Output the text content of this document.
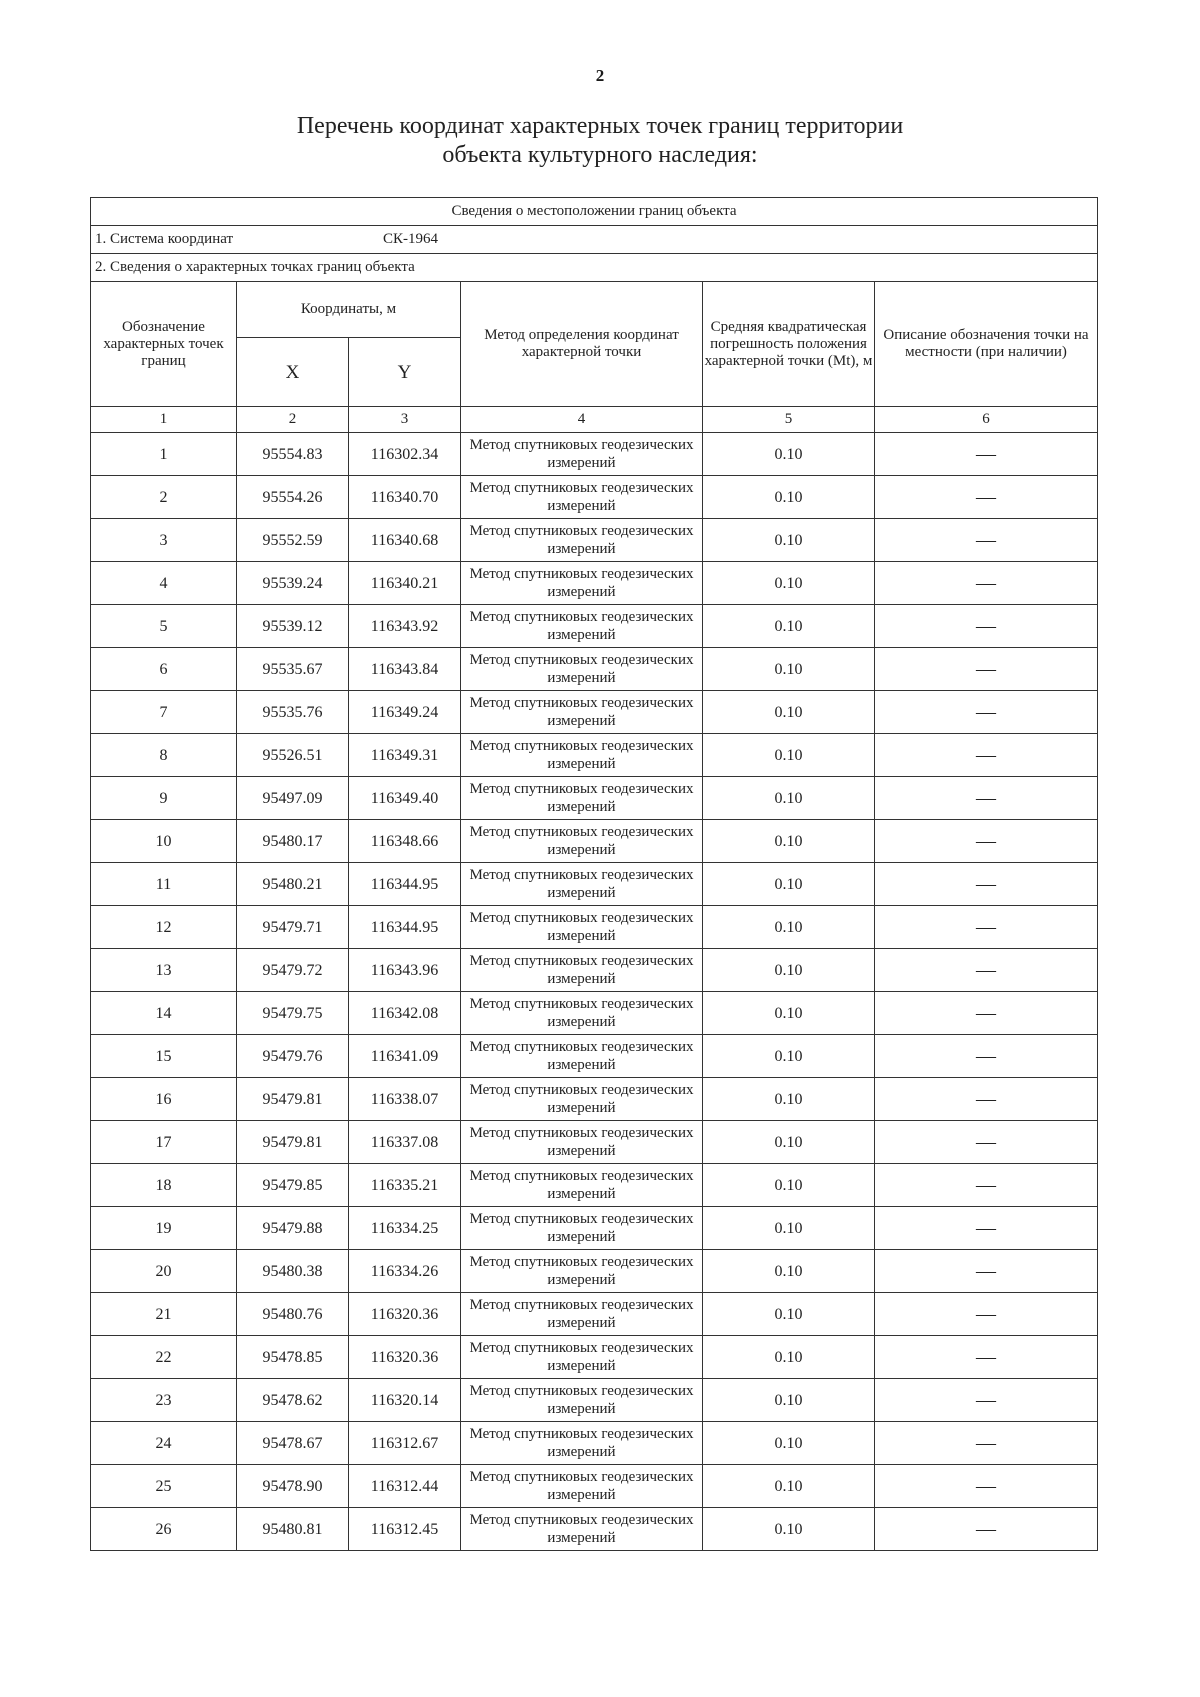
2
Перечень координат характерных точек границ территории
объекта культурного наследия:
Сведения о местоположении границ объекта					
1. Система координат СК-1964					
2. Сведения о характерных точках границ объекта					
Обозначение характерных точек границ	Координаты, м		Метод определения координат характерной точки	Средняя квадратическая погрешность положения характерной точки (Mt), м	Описание обозначения точки на местности (при наличии)
	X	Y			
1	2	3	4	5	6
1	95554.83	116302.34	Метод спутниковых геодезических измерений	0.10	—
2	95554.26	116340.70	Метод спутниковых геодезических измерений	0.10	—
3	95552.59	116340.68	Метод спутниковых геодезических измерений	0.10	—
4	95539.24	116340.21	Метод спутниковых геодезических измерений	0.10	—
5	95539.12	116343.92	Метод спутниковых геодезических измерений	0.10	—
6	95535.67	116343.84	Метод спутниковых геодезических измерений	0.10	—
7	95535.76	116349.24	Метод спутниковых геодезических измерений	0.10	—
8	95526.51	116349.31	Метод спутниковых геодезических измерений	0.10	—
9	95497.09	116349.40	Метод спутниковых геодезических измерений	0.10	—
10	95480.17	116348.66	Метод спутниковых геодезических измерений	0.10	—
11	95480.21	116344.95	Метод спутниковых геодезических измерений	0.10	—
12	95479.71	116344.95	Метод спутниковых геодезических измерений	0.10	—
13	95479.72	116343.96	Метод спутниковых геодезических измерений	0.10	—
14	95479.75	116342.08	Метод спутниковых геодезических измерений	0.10	—
15	95479.76	116341.09	Метод спутниковых геодезических измерений	0.10	—
16	95479.81	116338.07	Метод спутниковых геодезических измерений	0.10	—
17	95479.81	116337.08	Метод спутниковых геодезических измерений	0.10	—
18	95479.85	116335.21	Метод спутниковых геодезических измерений	0.10	—
19	95479.88	116334.25	Метод спутниковых геодезических измерений	0.10	—
20	95480.38	116334.26	Метод спутниковых геодезических измерений	0.10	—
21	95480.76	116320.36	Метод спутниковых геодезических измерений	0.10	—
22	95478.85	116320.36	Метод спутниковых геодезических измерений	0.10	—
23	95478.62	116320.14	Метод спутниковых геодезических измерений	0.10	—
24	95478.67	116312.67	Метод спутниковых геодезических измерений	0.10	—
25	95478.90	116312.44	Метод спутниковых геодезических измерений	0.10	—
26	95480.81	116312.45	Метод спутниковых геодезических измерений	0.10	—
